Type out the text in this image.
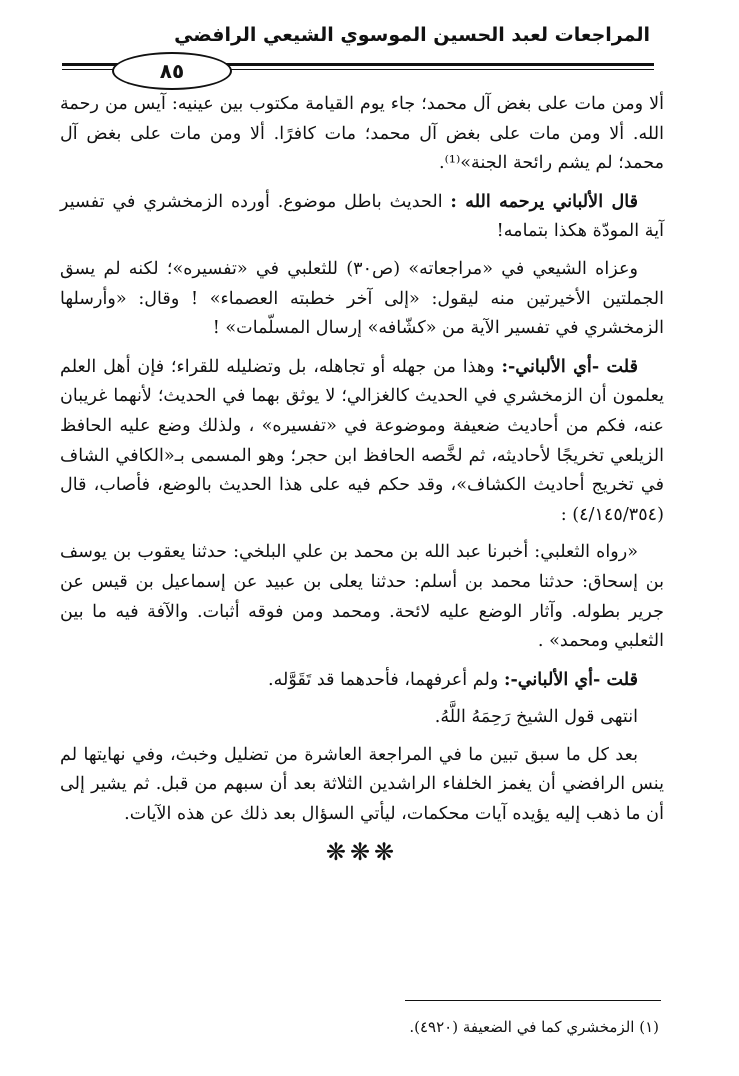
المراجعات لعبد الحسين الموسوي الشيعي الرافضي
٨٥

ألا ومن مات على بغض آل محمد؛ جاء يوم القيامة مكتوب بين عينيه: آيس من رحمة الله. ألا ومن مات على بغض آل محمد؛ مات كافرًا. ألا ومن مات على بغض آل محمد؛ لم يشم رائحة الجنة»⁽¹⁾.

قال الألباني يرحمه الله : الحديث باطل موضوع. أورده الزمخشري في تفسير آية المودّة هكذا بتمامه!

وعزاه الشيعي في «مراجعاته» (ص٣٠) للثعلبي في «تفسيره»؛ لكنه لم يسق الجملتين الأخيرتين منه ليقول: «إلى آخر خطبته العصماء» ! وقال: «وأرسلها الزمخشري في تفسير الآية من «كشّافه» إرسال المسلّمات» !

قلت -أي الألباني-: وهذا من جهله أو تجاهله، بل وتضليله للقراء؛ فإن أهل العلم يعلمون أن الزمخشري في الحديث كالغزالي؛ لا يوثق بهما في الحديث؛ لأنهما غريبان عنه، فكم من أحاديث ضعيفة وموضوعة في «تفسيره» ، ولذلك وضع عليه الحافظ الزيلعي تخريجًا لأحاديثه، ثم لخَّصه الحافظ ابن حجر؛ وهو المسمى بـ«الكافي الشاف في تخريج أحاديث الكشاف»، وقد حكم فيه على هذا الحديث بالوضع، فأصاب، قال (٤/١٤٥/٣٥٤) :

«رواه الثعلبي: أخبرنا عبد الله بن محمد بن علي البلخي: حدثنا يعقوب بن يوسف بن إسحاق: حدثنا محمد بن أسلم: حدثنا يعلى بن عبيد عن إسماعيل بن قيس عن جرير بطوله. وآثار الوضع عليه لائحة. ومحمد ومن فوقه أثبات. والآفة فيه ما بين الثعلبي ومحمد» .

قلت -أي الألباني-: ولم أعرفهما، فأحدهما قد تَقَوَّله.

انتهى قول الشيخ رَحِمَهُ اللَّهُ.

بعد كل ما سبق تبين ما في المراجعة العاشرة من تضليل وخبث، وفي نهايتها لم ينس الرافضي أن يغمز الخلفاء الراشدين الثلاثة بعد أن سبهم من قبل. ثم يشير إلى أن ما ذهب إليه يؤيده آيات محكمات، ليأتي السؤال بعد ذلك عن هذه الآيات.

❋❋❋
(١) الزمخشري كما في الضعيفة (٤٩٢٠).
